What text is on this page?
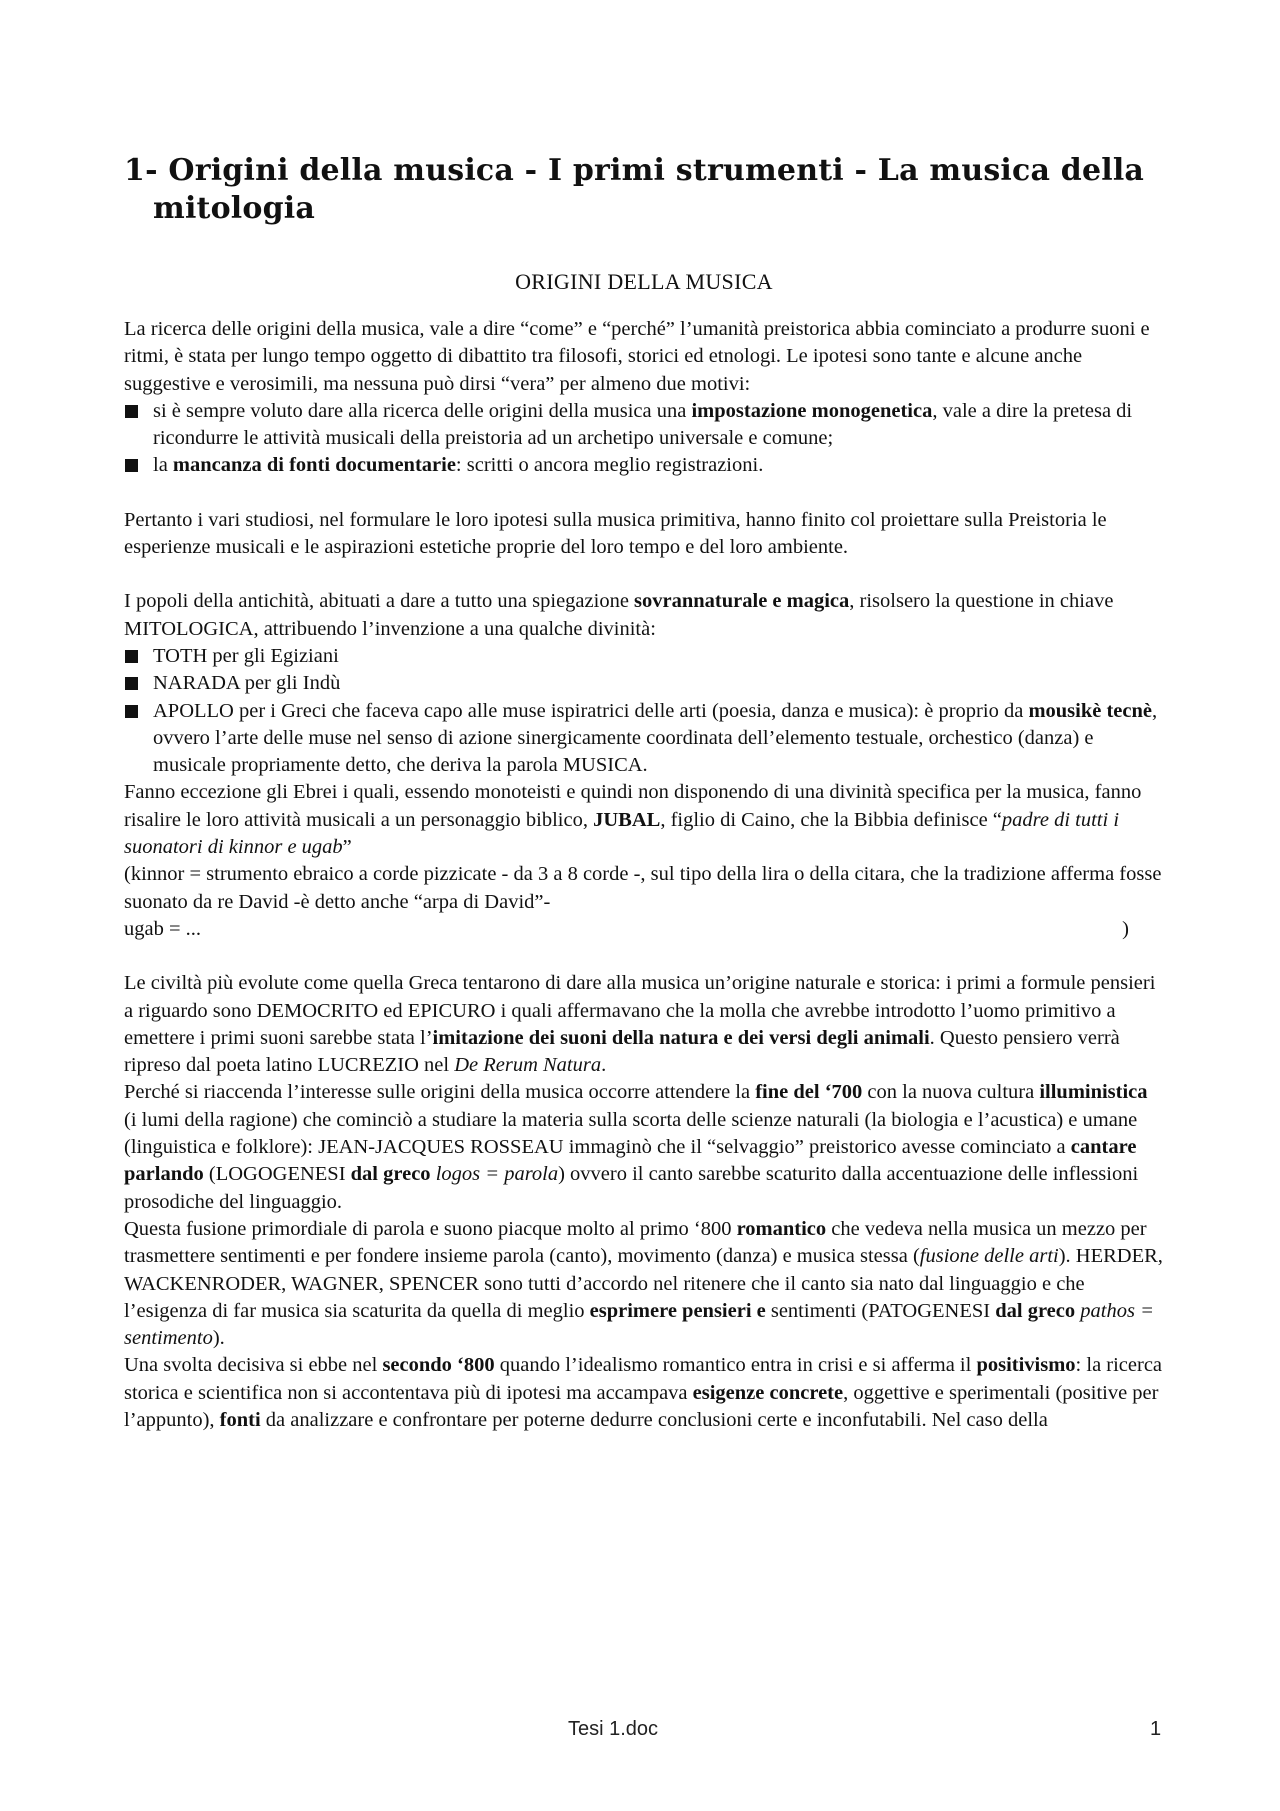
1- Origini della musica - I primi strumenti - La musica della mitologia
ORIGINI DELLA MUSICA

La ricerca delle origini della musica, vale a dire “come” e “perché” l’umanità preistorica abbia cominciato a produrre suoni e ritmi, è stata per lungo tempo oggetto di dibattito tra filosofi, storici ed etnologi. Le ipotesi sono tante e alcune anche suggestive e verosimili, ma nessuna può dirsi “vera” per almeno due motivi:

si è sempre voluto dare alla ricerca delle origini della musica una impostazione monogenetica, vale a dire la pretesa di ricondurre le attività musicali della preistoria ad un archetipo universale e comune;
la mancanza di fonti documentarie: scritti o ancora meglio registrazioni.

Pertanto i vari studiosi, nel formulare le loro ipotesi sulla musica primitiva, hanno finito col proiettare sulla Preistoria le esperienze musicali e le aspirazioni estetiche proprie del loro tempo e del loro ambiente.

I popoli della antichità, abituati a dare a tutto una spiegazione sovrannaturale e magica, risolsero la questione in chiave MITOLOGICA, attribuendo l’invenzione a una qualche divinità:

TOTH per gli Egiziani
NARADA per gli Indù
APOLLO per i Greci che faceva capo alle muse ispiratrici delle arti (poesia, danza e musica): è proprio da mousikè tecnè, ovvero l’arte delle muse nel senso di azione sinergicamente coordinata dell’elemento testuale, orchestico (danza) e musicale propriamente detto, che deriva la parola MUSICA.

Fanno eccezione gli Ebrei i quali, essendo monoteisti e quindi non disponendo di una divinità specifica per la musica, fanno risalire le loro attività musicali a un personaggio biblico, JUBAL, figlio di Caino, che la Bibbia definisce “padre di tutti i suonatori di kinnor e ugab”

(kinnor = strumento ebraico a corde pizzicate - da 3 a 8 corde -, sul tipo della lira o della citara, che la tradizione afferma fosse suonato da re David -è detto anche “arpa di David”-

ugab = ...	)

Le civiltà più evolute come quella Greca tentarono di dare alla musica un’origine naturale e storica: i primi a formule pensieri a riguardo sono DEMOCRITO ed EPICURO i quali affermavano che la molla che avrebbe introdotto l’uomo primitivo a emettere i primi suoni sarebbe stata l’imitazione dei suoni della natura e dei versi degli animali. Questo pensiero verrà ripreso dal poeta latino LUCREZIO nel De Rerum Natura.

Perché si riaccenda l’interesse sulle origini della musica occorre attendere la fine del ‘700 con la nuova cultura illuministica (i lumi della ragione) che cominciò a studiare la materia sulla scorta delle scienze naturali (la biologia e l’acustica) e umane (linguistica e folklore): JEAN-JACQUES ROSSEAU immaginò che il “selvaggio” preistorico avesse cominciato a cantare parlando (LOGOGENESI dal greco logos = parola) ovvero il canto sarebbe scaturito dalla accentuazione delle inflessioni prosodiche del linguaggio.

Questa fusione primordiale di parola e suono piacque molto al primo ‘800 romantico che vedeva nella musica un mezzo per trasmettere sentimenti e per fondere insieme parola (canto), movimento (danza) e musica stessa (fusione delle arti). HERDER, WACKENRODER, WAGNER, SPENCER sono tutti d’accordo nel ritenere che il canto sia nato dal linguaggio e che l’esigenza di far musica sia scaturita da quella di meglio esprimere pensieri e sentimenti (PATOGENESI dal greco pathos = sentimento).

Una svolta decisiva si ebbe nel secondo ‘800 quando l’idealismo romantico entra in crisi e si afferma il positivismo: la ricerca storica e scientifica non si accontentava più di ipotesi ma accampava esigenze concrete, oggettive e sperimentali (positive per l’appunto), fonti da analizzare e confrontare per poterne dedurre conclusioni certe e inconfutabili. Nel caso della

Tesi 1.doc	1
